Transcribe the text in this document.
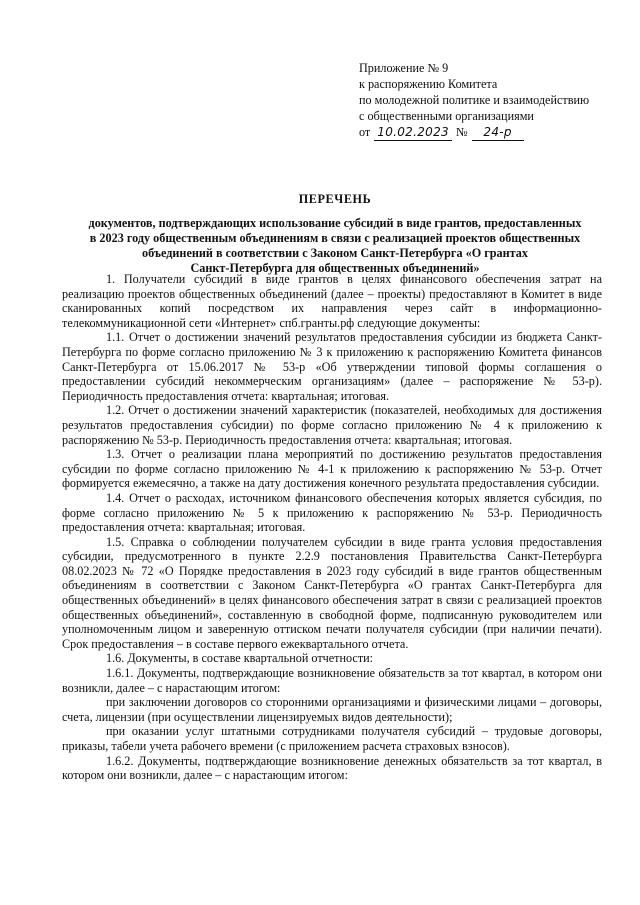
Приложение № 9
к распоряжению Комитета
по молодежной политике и взаимодействию
с общественными организациями
от 10.02.2023 №	24-р
ПЕРЕЧЕНЬ
документов, подтверждающих использование субсидий в виде грантов, предоставленных
в 2023 году общественным объединениям в связи с реализацией проектов общественных
объединений в соответствии с Законом Санкт-Петербурга «О грантах
Санкт-Петербурга для общественных объединений»

1. Получатели субсидий в виде грантов в целях финансового обеспечения затрат на реализацию проектов общественных объединений (далее – проекты) предоставляют в Комитет в виде сканированных копий посредством их направления через сайт в информационно-телекоммуникационной сети «Интернет» спб.гранты.рф следующие документы:

1.1. Отчет о достижении значений результатов предоставления субсидии из бюджета Санкт-Петербурга по форме согласно приложению № 3 к приложению к распоряжению Комитета финансов Санкт-Петербурга от 15.06.2017 № 53-р «Об утверждении типовой формы соглашения о предоставлении субсидий некоммерческим организациям» (далее – распоряжение № 53-р). Периодичность предоставления отчета: квартальная; итоговая.

1.2. Отчет о достижении значений характеристик (показателей, необходимых для достижения результатов предоставления субсидии) по форме согласно приложению № 4 к приложению к распоряжению № 53-р. Периодичность предоставления отчета: квартальная; итоговая.

1.3. Отчет о реализации плана мероприятий по достижению результатов предоставления субсидии по форме согласно приложению № 4-1 к приложению к распоряжению № 53-р. Отчет формируется ежемесячно, а также на дату достижения конечного результата предоставления субсидии.

1.4. Отчет о расходах, источником финансового обеспечения которых является субсидия, по форме согласно приложению № 5 к приложению к распоряжению № 53-р. Периодичность предоставления отчета: квартальная; итоговая.

1.5. Справка о соблюдении получателем субсидии в виде гранта условия предоставления субсидии, предусмотренного в пункте 2.2.9 постановления Правительства Санкт-Петербурга 08.02.2023 № 72 «О Порядке предоставления в 2023 году субсидий в виде грантов общественным объединениям в соответствии с Законом Санкт-Петербурга «О грантах Санкт-Петербурга для общественных объединений» в целях финансового обеспечения затрат в связи с реализацией проектов общественных объединений», составленную в свободной форме, подписанную руководителем или уполномоченным лицом и заверенную оттиском печати получателя субсидии (при наличии печати). Срок предоставления – в составе первого ежеквартального отчета.

1.6. Документы, в составе квартальной отчетности:

1.6.1. Документы, подтверждающие возникновение обязательств за тот квартал, в котором они возникли, далее – с нарастающим итогом:

при заключении договоров со сторонними организациями и физическими лицами – договоры, счета, лицензии (при осуществлении лицензируемых видов деятельности);

при оказании услуг штатными сотрудниками получателя субсидий – трудовые договоры, приказы, табели учета рабочего времени (с приложением расчета страховых взносов).

1.6.2. Документы, подтверждающие возникновение денежных обязательств за тот квартал, в котором они возникли, далее – с нарастающим итогом:
